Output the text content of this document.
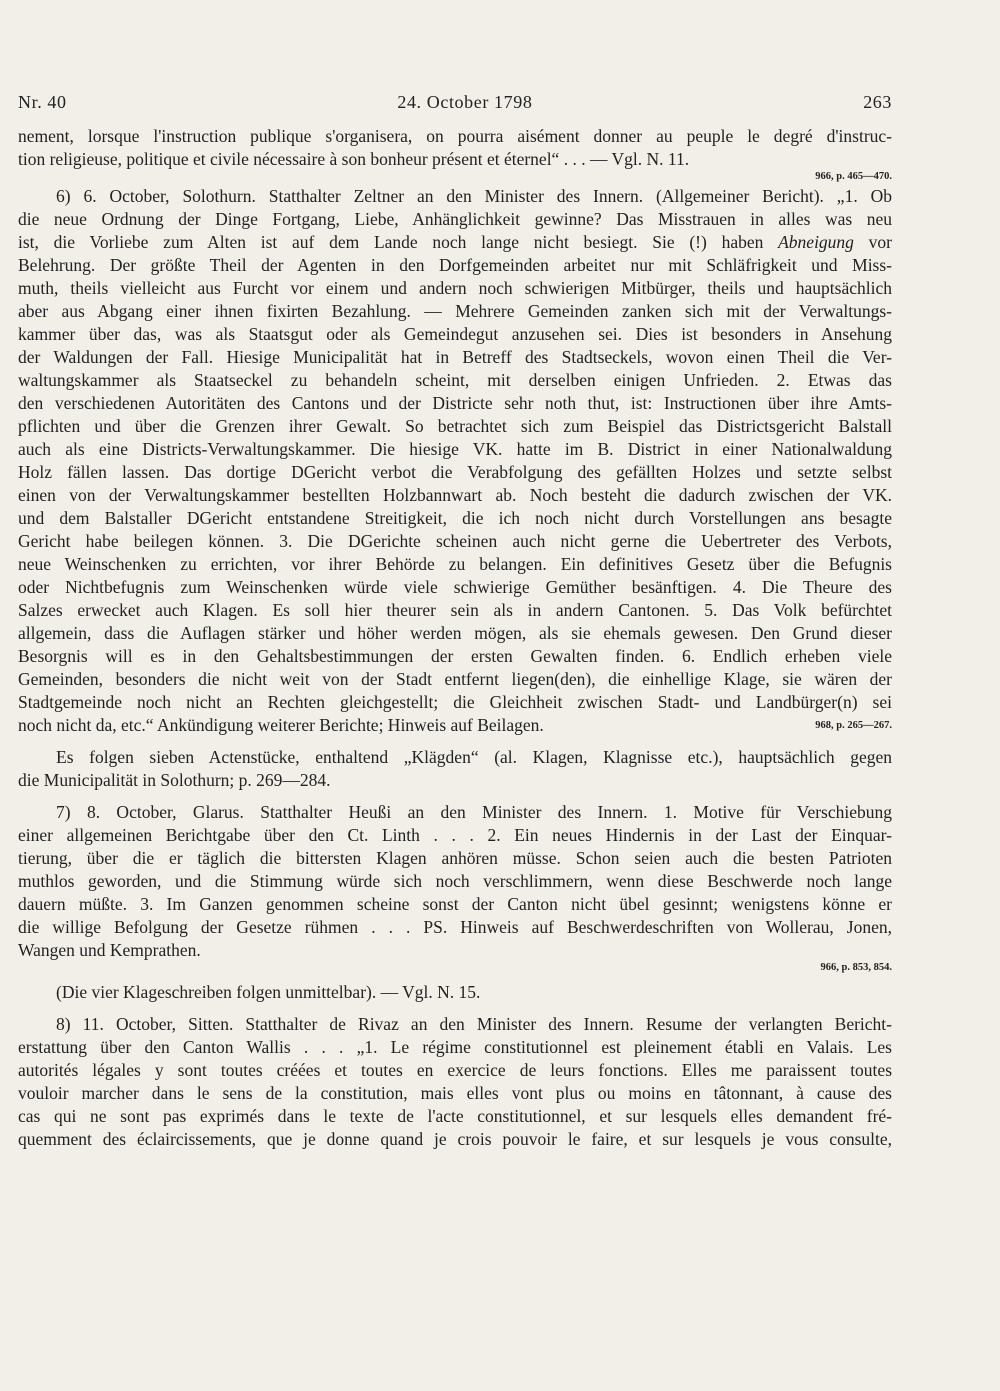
Nr. 40	24. October 1798	263
nement, lorsque l'instruction publique s'organisera, on pourra aisément donner au peuple le degré d'instruc-
tion religieuse, politique et civile nécessaire à son bonheur présent et éternel“ . . . — Vgl. N. 11.
966, p. 465—470.
6) 6. October, Solothurn. Statthalter Zeltner an den Minister des Innern. (Allgemeiner Bericht). „1. Ob
die neue Ordnung der Dinge Fortgang, Liebe, Anhänglichkeit gewinne? Das Misstrauen in alles was neu
ist, die Vorliebe zum Alten ist auf dem Lande noch lange nicht besiegt. Sie (!) haben Abneigung vor
Belehrung. Der größte Theil der Agenten in den Dorfgemeinden arbeitet nur mit Schläfrigkeit und Miss-
muth, theils vielleicht aus Furcht vor einem und andern noch schwierigen Mitbürger, theils und hauptsächlich
aber aus Abgang einer ihnen fixirten Bezahlung. — Mehrere Gemeinden zanken sich mit der Verwaltungs-
kammer über das, was als Staatsgut oder als Gemeindegut anzusehen sei. Dies ist besonders in Ansehung
der Waldungen der Fall. Hiesige Municipalität hat in Betreff des Stadtseckels, wovon einen Theil die Ver-
waltungskammer als Staatseckel zu behandeln scheint, mit derselben einigen Unfrieden. 2. Etwas das
den verschiedenen Autoritäten des Cantons und der Districte sehr noth thut, ist: Instructionen über ihre Amts-
pflichten und über die Grenzen ihrer Gewalt. So betrachtet sich zum Beispiel das Districtsgericht Balstall
auch als eine Districts-Verwaltungskammer. Die hiesige VK. hatte im B. District in einer Nationalwaldung
Holz fällen lassen. Das dortige DGericht verbot die Verabfolgung des gefällten Holzes und setzte selbst
einen von der Verwaltungskammer bestellten Holzbannwart ab. Noch besteht die dadurch zwischen der VK.
und dem Balstaller DGericht entstandene Streitigkeit, die ich noch nicht durch Vorstellungen ans besagte
Gericht habe beilegen können. 3. Die DGerichte scheinen auch nicht gerne die Uebertreter des Verbots,
neue Weinschenken zu errichten, vor ihrer Behörde zu belangen. Ein definitives Gesetz über die Befugnis
oder Nichtbefugnis zum Weinschenken würde viele schwierige Gemüther besänftigen. 4. Die Theure des
Salzes erwecket auch Klagen. Es soll hier theurer sein als in andern Cantonen. 5. Das Volk befürchtet
allgemein, dass die Auflagen stärker und höher werden mögen, als sie ehemals gewesen. Den Grund dieser
Besorgnis will es in den Gehaltsbestimmungen der ersten Gewalten finden. 6. Endlich erheben viele
Gemeinden, besonders die nicht weit von der Stadt entfernt liegen(den), die einhellige Klage, sie wären der
Stadtgemeinde noch nicht an Rechten gleichgestellt; die Gleichheit zwischen Stadt- und Landbürger(n) sei
noch nicht da, etc.“ Ankündigung weiterer Berichte; Hinweis auf Beilagen.	968, p. 265—267.
Es folgen sieben Actenstücke, enthaltend „Klägden“ (al. Klagen, Klagnisse etc.), hauptsächlich gegen
die Municipalität in Solothurn; p. 269—284.
7) 8. October, Glarus. Statthalter Heußi an den Minister des Innern. 1. Motive für Verschiebung
einer allgemeinen Berichtgabe über den Ct. Linth . . . 2. Ein neues Hindernis in der Last der Einquar-
tierung, über die er täglich die bittersten Klagen anhören müsse. Schon seien auch die besten Patrioten
muthlos geworden, und die Stimmung würde sich noch verschlimmern, wenn diese Beschwerde noch lange
dauern müßte. 3. Im Ganzen genommen scheine sonst der Canton nicht übel gesinnt; wenigstens könne er
die willige Befolgung der Gesetze rühmen . . . PS. Hinweis auf Beschwerdeschriften von Wollerau, Jonen,
Wangen und Kemprathen.
966, p. 853, 854.
(Die vier Klageschreiben folgen unmittelbar). — Vgl. N. 15.
8) 11. October, Sitten. Statthalter de Rivaz an den Minister des Innern. Resume der verlangten Bericht-
erstattung über den Canton Wallis . . . „1. Le régime constitutionnel est pleinement établi en Valais. Les
autorités légales y sont toutes créées et toutes en exercice de leurs fonctions. Elles me paraissent toutes
vouloir marcher dans le sens de la constitution, mais elles vont plus ou moins en tâtonnant, à cause des
cas qui ne sont pas exprimés dans le texte de l'acte constitutionnel, et sur lesquels elles demandent fré-
quemment des éclaircissements, que je donne quand je crois pouvoir le faire, et sur lesquels je vous consulte,
